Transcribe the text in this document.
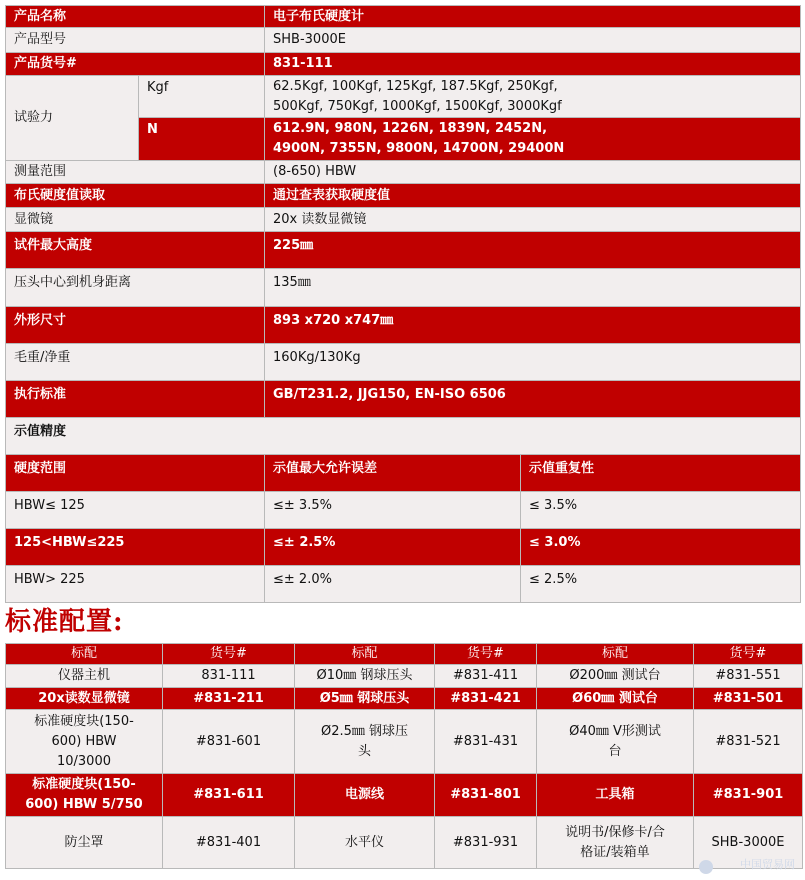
产品名称		电子布氏硬度计	
产品型号		SHB-3000E	
产品货号#		831-111	
试验力	Kgf	62.5Kgf, 100Kgf, 125Kgf, 187.5Kgf, 250Kgf,
500Kgf, 750Kgf, 1000Kgf, 1500Kgf, 3000Kgf	
	N	612.9N, 980N, 1226N, 1839N, 2452N,
4900N, 7355N, 9800N, 14700N, 29400N	
测量范围		(8-650) HBW	
布氏硬度值读取		通过查表获取硬度值	
显微镜		20x 读数显微镜	
试件最大高度		225㎜	
压头中心到机身距离		135㎜	
外形尺寸		893 x720 x747㎜	
毛重/净重		160Kg/130Kg	
执行标准		GB/T231.2, JJG150, EN-ISO 6506	
示值精度			
硬度范围		示值最大允许误差	示值重复性
HBW≤ 125		≤± 3.5%	≤ 3.5%
125<HBW≤225		≤± 2.5%	≤ 3.0%
HBW> 225		≤± 2.0%	≤ 2.5%
标准配置:
标配	货号#	标配	货号#	标配	货号#
仪器主机	831-111	Ø10㎜ 钢球压头	#831-411	Ø200㎜ 测试台	#831-551
20x读数显微镜	#831-211	Ø5㎜ 钢球压头	#831-421	Ø60㎜ 测试台	#831-501
标准硬度块(150-
600) HBW
10/3000	#831-601	Ø2.5㎜ 钢球压
头	#831-431	Ø40㎜ V形测试
台	#831-521
标准硬度块(150-
600) HBW 5/750	#831-611	电源线	#831-801	工具箱	#831-901
防尘罩	#831-401	水平仪	#831-931	说明书/保修卡/合
格证/装箱单	SHB-3000E
中国贸易网
